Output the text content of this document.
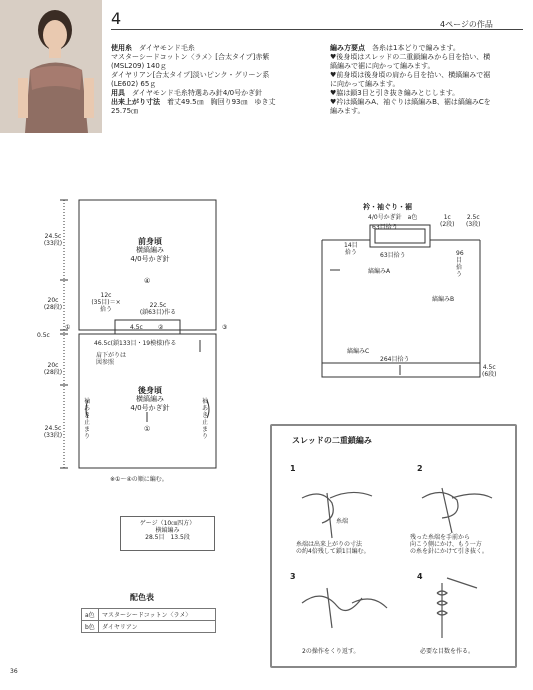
4	4ページの作品
使用糸　 ダイヤモンド毛糸
マスターシードコットン〈ラメ〉[合太タイプ]赤紫
(MSL209) 140ｇ
ダイヤリアン[合太タイプ]淡いピンク・グリーン系
(LE602) 65ｇ
用具　 ダイヤモンド毛糸特選あみ針4/0号かぎ針
出来上がり寸法　 着丈49.5㎝　胸回り93㎝　ゆき丈
25.75㎝
編み方要点　 各糸は1本どりで編みます。
♥後身頃はスレッドの二重鎖編みから目を拾い、横
縞編みで裾に向かって編みます。
♥前身頃は後身頃の肩から目を拾い、横縞編みで裾
に向かって編みます。
♥脇は鎖3目と引き抜き編みとじします。
♥衿は縞編みA、袖ぐりは縞編みB、裾は縞編みCを
編みます。
24.5c
(33段)
20c
(28段)
0.5c
20c
(28段)
24.5c
(33段)
前身頃
横縞編み
4/0号かぎ針
④
12c
(35目)＝×
拾う
22.5c
(鎖63目)作る
4.5c	②
①	③
46.5c(鎖133目・19模様)作る
肩下がりは
図参照
後身頃
横縞編み
4/0号かぎ針
①
袖あき止まり
袖あき止まり
※①〜④の順に編む。
ゲージ（10㎝四方）
横縞編み
28.5目　13.5段
配色表
a色	マスターシードコットン〈ラメ〉
b色	ダイヤリアン
衿・袖ぐり・裾
4/0号かぎ針　a色
63目拾う
63目拾う
1c
(2段)
2.5c
(3段)
14目
拾う	96目拾う
縞編みA
縞編みB
縞編みC
264目拾う
4.5c
(6段)
スレッドの二重鎖編み
1	2
3	4
糸端
糸端は出来上がりの寸法
の約4倍残して鎖1目編む。
残った糸端を手前から
向こう側にかけ、もう一方
の糸を針にかけて引き抜く。
2の操作をくり返す。	必要な目数を作る。
36
